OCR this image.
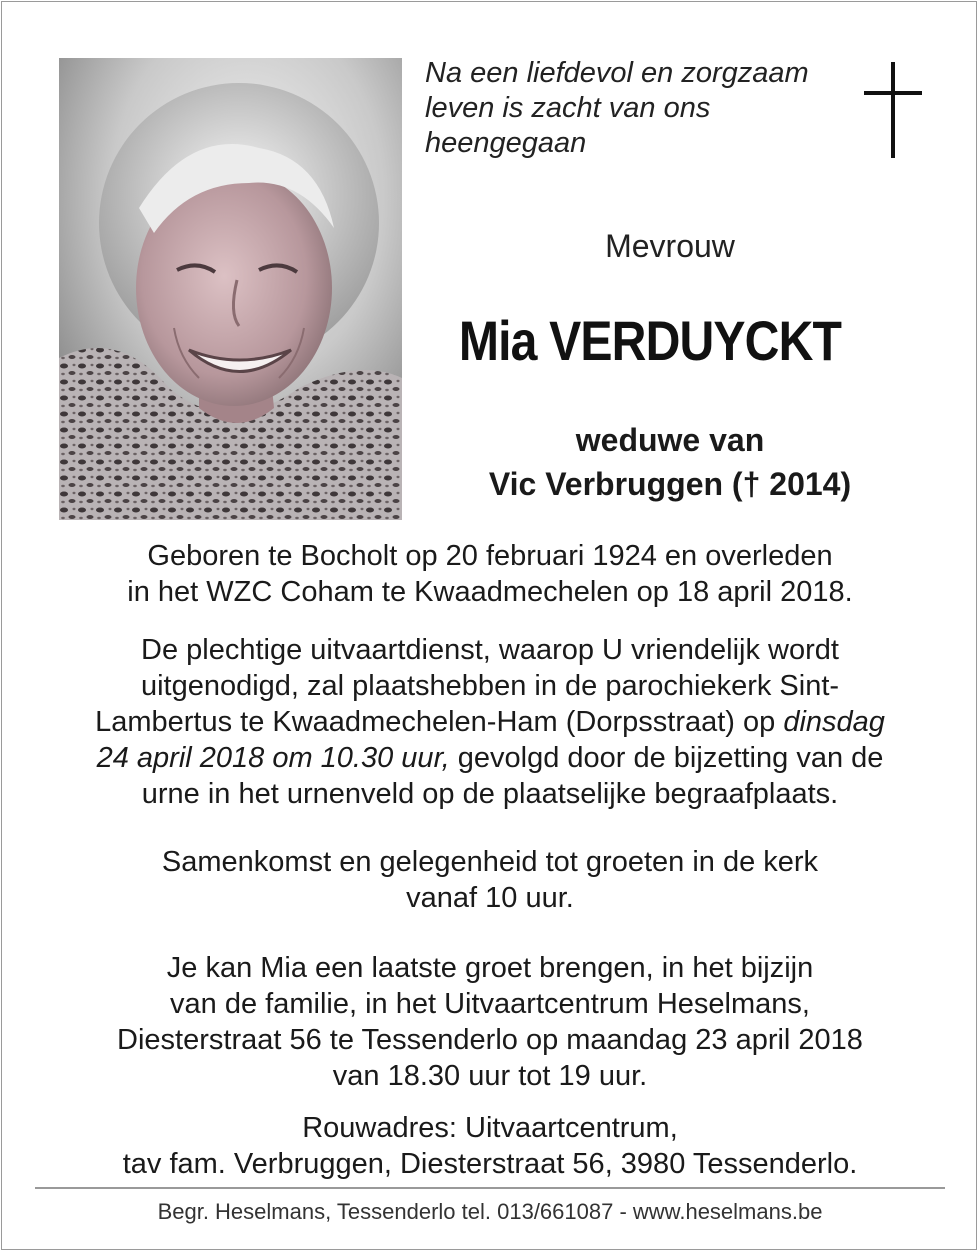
Na een liefdevol en zorgzaam
leven is zacht van ons
heengegaan
Mevrouw
Mia VERDUYCKT
weduwe van
Vic Verbruggen († 2014)
Geboren te Bocholt op 20 februari 1924 en overleden
in het WZC Coham te Kwaadmechelen op 18 april 2018.
De plechtige uitvaartdienst, waarop U vriendelijk wordt
uitgenodigd, zal plaatshebben in de parochiekerk Sint-
Lambertus te Kwaadmechelen-Ham (Dorpsstraat) op dinsdag
24 april 2018 om 10.30 uur, gevolgd door de bijzetting van de
urne in het urnenveld op de plaatselijke begraafplaats.
Samenkomst en gelegenheid tot groeten in de kerk
vanaf 10 uur.
Je kan Mia een laatste groet brengen, in het bijzijn
van de familie, in het Uitvaartcentrum Heselmans,
Diesterstraat 56 te Tessenderlo op maandag 23 april 2018
van 18.30 uur tot 19 uur.
Rouwadres: Uitvaartcentrum,
tav fam. Verbruggen, Diesterstraat 56, 3980 Tessenderlo.
Begr. Heselmans, Tessenderlo tel. 013/661087 - www.heselmans.be
